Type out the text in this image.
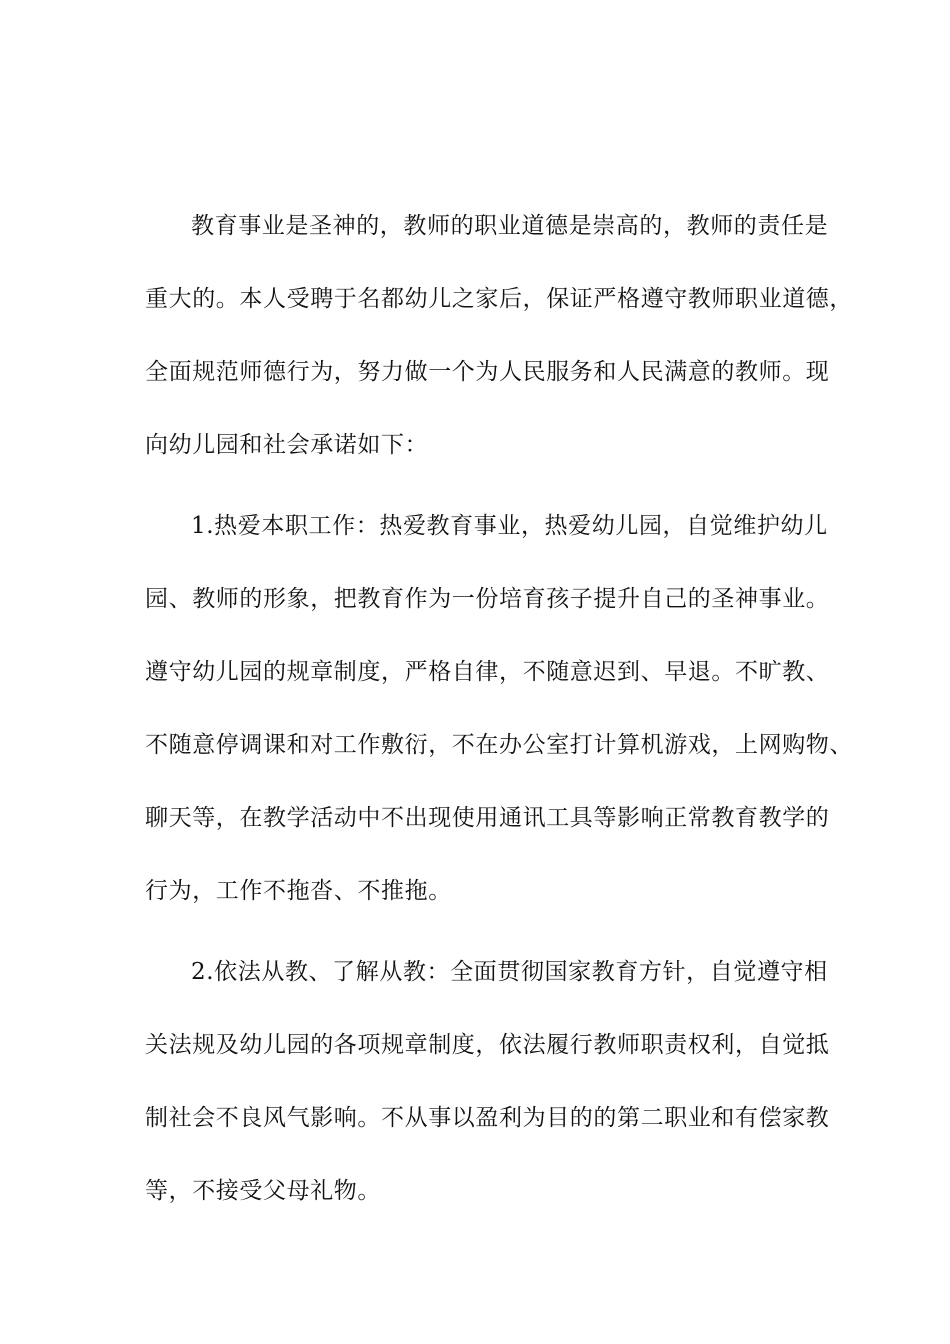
教育事业是圣神的，教师的职业道德是崇高的，教师的责任是
重大的。本人受聘于名都幼儿之家后，保证严格遵守教师职业道德，
全面规范师德行为，努力做一个为人民服务和人民满意的教师。现
向幼儿园和社会承诺如下：
1.热爱本职工作：热爱教育事业，热爱幼儿园，自觉维护幼儿
园、教师的形象，把教育作为一份培育孩子提升自己的圣神事业。
遵守幼儿园的规章制度，严格自律，不随意迟到、早退。不旷教、
不随意停调课和对工作敷衍，不在办公室打计算机游戏，上网购物、
聊天等，在教学活动中不出现使用通讯工具等影响正常教育教学的
行为，工作不拖沓、不推拖。
2.依法从教、了解从教：全面贯彻国家教育方针，自觉遵守相
关法规及幼儿园的各项规章制度，依法履行教师职责权利，自觉抵
制社会不良风气影响。不从事以盈利为目的的第二职业和有偿家教
等，不接受父母礼物。
